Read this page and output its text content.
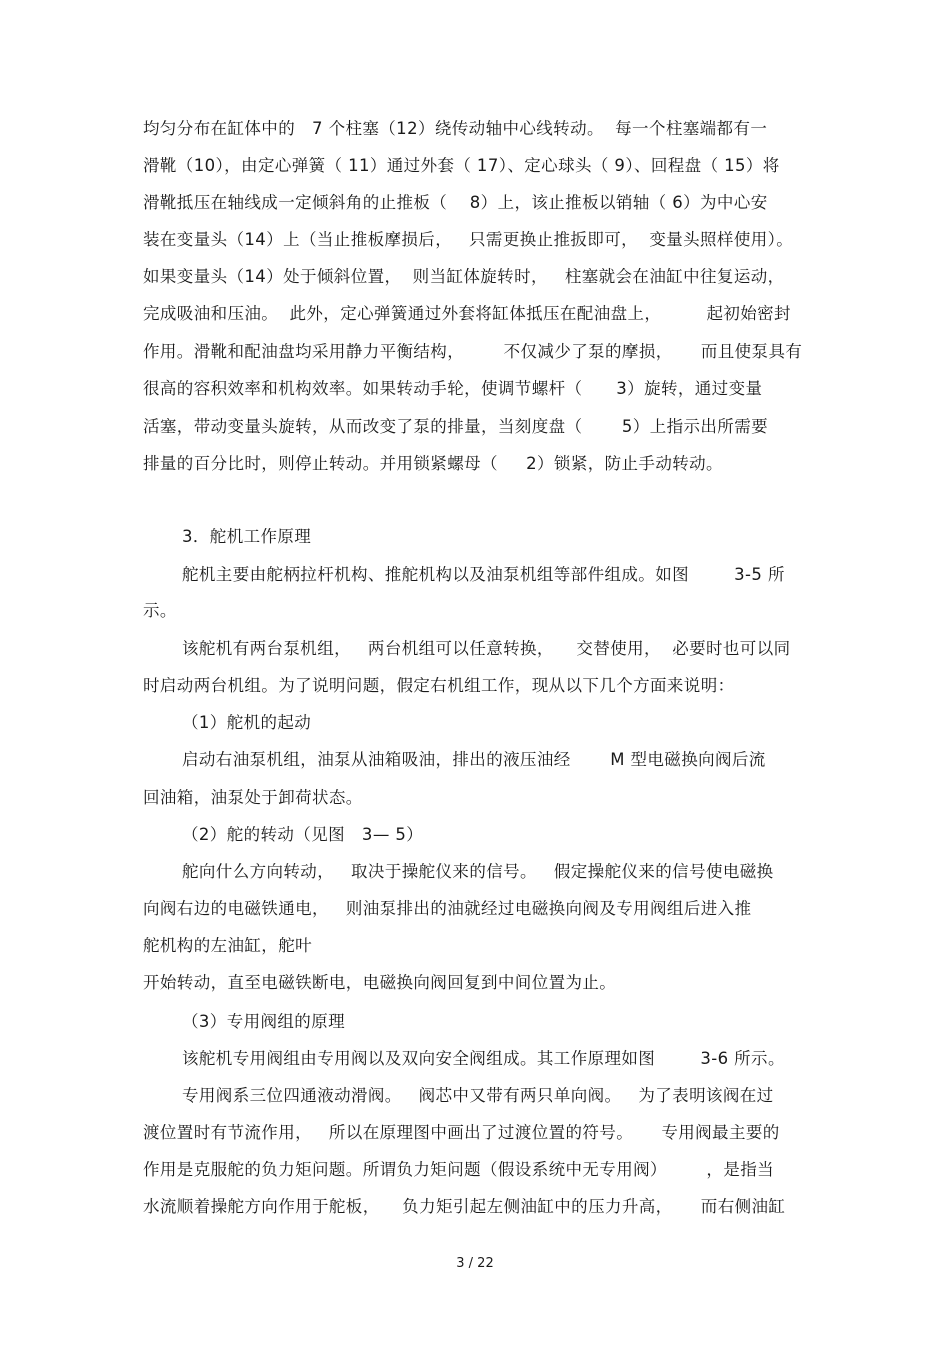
均匀分布在缸体中的   7 个柱塞（12）绕传动轴中心线转动。  每一个柱塞端都有一

滑靴（10），由定心弹簧（ 11）通过外套（ 17）、定心球头（ 9）、回程盘（ 15）将

滑靴抵压在轴线成一定倾斜角的止推板（    8）上，该止推板以销轴（ 6）为中心安

装在变量头（14）上（当止推板摩损后，   只需更换止推扳即可，  变量头照样使用）。

如果变量头（14）处于倾斜位置，  则当缸体旋转时，   柱塞就会在油缸中往复运动，

完成吸油和压油。  此外，定心弹簧通过外套将缸体抵压在配油盘上，        起初始密封

作用。滑靴和配油盘均采用静力平衡结构，       不仅减少了泵的摩损，     而且使泵具有

很高的容积效率和机构效率。如果转动手轮，使调节螺杆（      3）旋转，通过变量

活塞，带动变量头旋转，从而改变了泵的排量，当刻度盘（       5）上指示出所需要

排量的百分比时，则停止转动。并用锁紧螺母（     2）锁紧，防止手动转动。

3．舵机工作原理

舵机主要由舵柄拉杆机构、推舵机构以及油泵机组等部件组成。如图        3-5 所

示。

该舵机有两台泵机组，   两台机组可以任意转换，    交替使用，  必要时也可以同

时启动两台机组。为了说明问题，假定右机组工作，现从以下几个方面来说明：

（1）舵机的起动

启动右油泵机组，油泵从油箱吸油，排出的液压油经       M 型电磁换向阀后流

回油箱，油泵处于卸荷状态。

（2）舵的转动（见图   3— 5）

舵向什么方向转动，   取决于操舵仪来的信号。   假定操舵仪来的信号使电磁换

向阀右边的电磁铁通电，   则油泵排出的油就经过电磁换向阀及专用阀组后进入推

舵机构的左油缸，舵叶

开始转动，直至电磁铁断电，电磁换向阀回复到中间位置为止。

（3）专用阀组的原理

该舵机专用阀组由专用阀以及双向安全阀组成。其工作原理如图        3-6 所示。

专用阀系三位四通液动滑阀。   阀芯中又带有两只单向阀。   为了表明该阀在过

渡位置时有节流作用，   所以在原理图中画出了过渡位置的符号。     专用阀最主要的

作用是克服舵的负力矩问题。所谓负力矩问题（假设系统中无专用阀）       ，是指当

水流顺着操舵方向作用于舵板，    负力矩引起左侧油缸中的压力升高，     而右侧油缸

3 / 22
